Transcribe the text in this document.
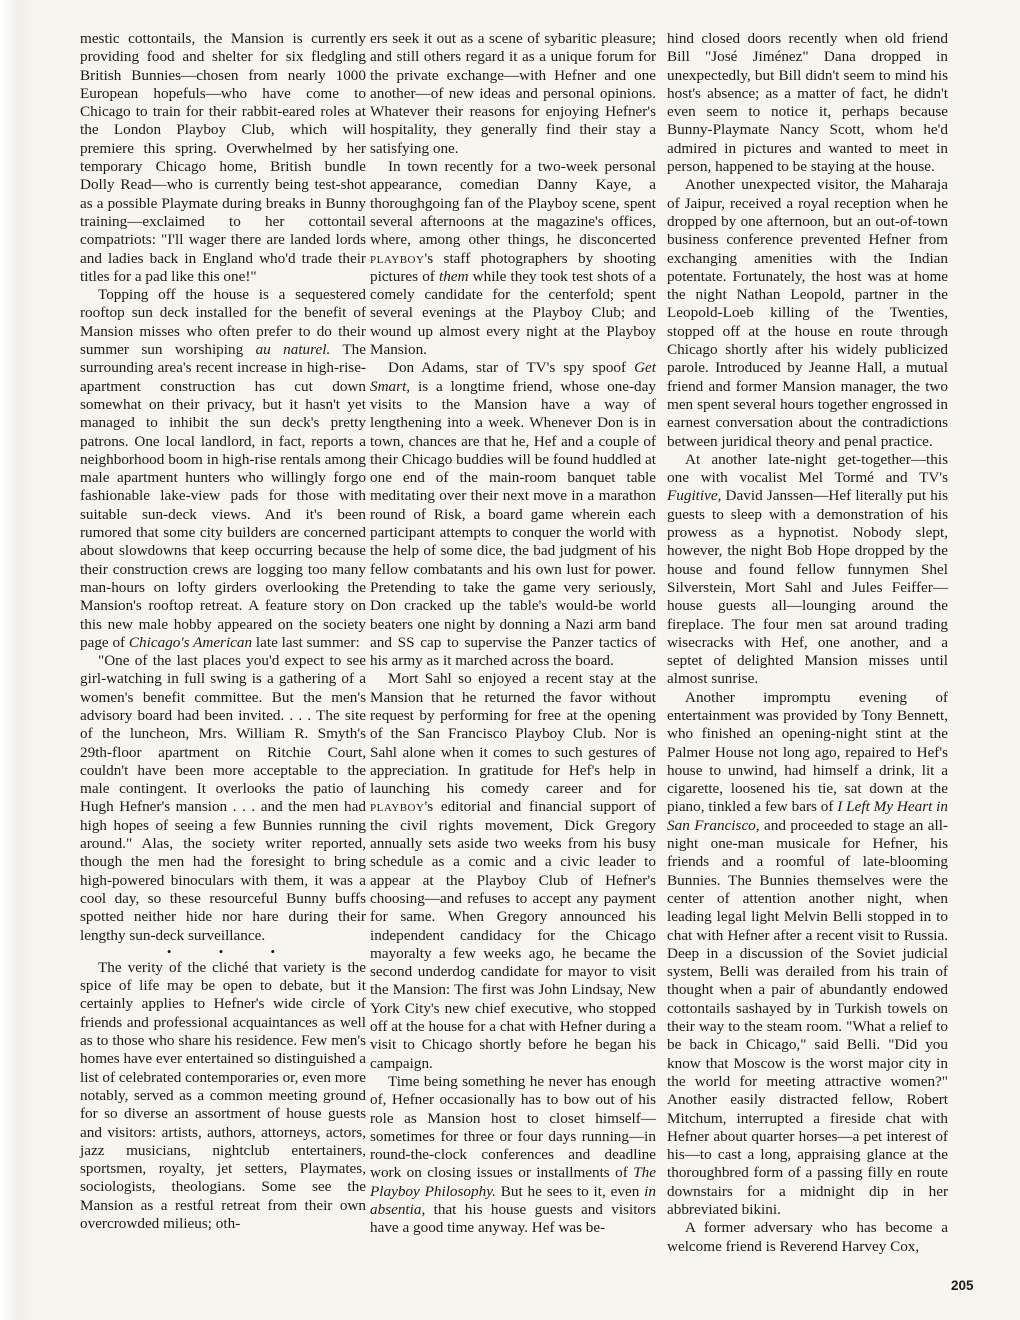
mestic cottontails, the Mansion is currently providing food and shelter for six fledgling British Bunnies—chosen from nearly 1000 European hopefuls—who have come to Chicago to train for their rabbit-eared roles at the London Playboy Club, which will premiere this spring. Overwhelmed by her temporary Chicago home, British bundle Dolly Read—who is currently being test-shot as a possible Playmate during breaks in Bunny training—exclaimed to her cottontail compatriots: "I'll wager there are landed lords and ladies back in England who'd trade their titles for a pad like this one!"

Topping off the house is a sequestered rooftop sun deck installed for the benefit of Mansion misses who often prefer to do their summer sun worshiping au naturel. The surrounding area's recent increase in high-rise-apartment construction has cut down somewhat on their privacy, but it hasn't yet managed to inhibit the sun deck's pretty patrons. One local landlord, in fact, reports a neighborhood boom in high-rise rentals among male apartment hunters who willingly forgo fashionable lake-view pads for those with suitable sun-deck views. And it's been rumored that some city builders are concerned about slowdowns that keep occurring because their construction crews are logging too many man-hours on lofty girders overlooking the Mansion's rooftop retreat. A feature story on this new male hobby appeared on the society page of Chicago's American late last summer:

"One of the last places you'd expect to see girl-watching in full swing is a gathering of a women's benefit committee. But the men's advisory board had been invited. . . . The site of the luncheon, Mrs. William R. Smyth's 29th-floor apartment on Ritchie Court, couldn't have been more acceptable to the male contingent. It overlooks the patio of Hugh Hefner's mansion . . . and the men had high hopes of seeing a few Bunnies running around." Alas, the society writer reported, though the men had the foresight to bring high-powered binoculars with them, it was a cool day, so these resourceful Bunny buffs spotted neither hide nor hare during their lengthy sun-deck surveillance.

• • •

The verity of the cliché that variety is the spice of life may be open to debate, but it certainly applies to Hefner's wide circle of friends and professional acquaintances as well as to those who share his residence. Few men's homes have ever entertained so distinguished a list of celebrated contemporaries or, even more notably, served as a common meeting ground for so diverse an assortment of house guests and visitors: artists, authors, attorneys, actors, jazz musicians, nightclub entertainers, sportsmen, royalty, jet setters, Playmates, sociologists, theologians. Some see the Mansion as a restful retreat from their own overcrowded milieus; oth-

ers seek it out as a scene of sybaritic pleasure; and still others regard it as a unique forum for the private exchange—with Hefner and one another—of new ideas and personal opinions. Whatever their reasons for enjoying Hefner's hospitality, they generally find their stay a satisfying one.

In town recently for a two-week personal appearance, comedian Danny Kaye, a thoroughgoing fan of the Playboy scene, spent several afternoons at the magazine's offices, where, among other things, he disconcerted playboy's staff photographers by shooting pictures of them while they took test shots of a comely candidate for the centerfold; spent several evenings at the Playboy Club; and wound up almost every night at the Playboy Mansion.

Don Adams, star of TV's spy spoof Get Smart, is a longtime friend, whose one-day visits to the Mansion have a way of lengthening into a week. Whenever Don is in town, chances are that he, Hef and a couple of their Chicago buddies will be found huddled at one end of the main-room banquet table meditating over their next move in a marathon round of Risk, a board game wherein each participant attempts to conquer the world with the help of some dice, the bad judgment of his fellow combatants and his own lust for power. Pretending to take the game very seriously, Don cracked up the table's would-be world beaters one night by donning a Nazi arm band and SS cap to supervise the Panzer tactics of his army as it marched across the board.

Mort Sahl so enjoyed a recent stay at the Mansion that he returned the favor without request by performing for free at the opening of the San Francisco Playboy Club. Nor is Sahl alone when it comes to such gestures of appreciation. In gratitude for Hef's help in launching his comedy career and for playboy's editorial and financial support of the civil rights movement, Dick Gregory annually sets aside two weeks from his busy schedule as a comic and a civic leader to appear at the Playboy Club of Hefner's choosing—and refuses to accept any payment for same. When Gregory announced his independent candidacy for the Chicago mayoralty a few weeks ago, he became the second underdog candidate for mayor to visit the Mansion: The first was John Lindsay, New York City's new chief executive, who stopped off at the house for a chat with Hefner during a visit to Chicago shortly before he began his campaign.

Time being something he never has enough of, Hefner occasionally has to bow out of his role as Mansion host to closet himself—sometimes for three or four days running—in round-the-clock conferences and deadline work on closing issues or installments of The Playboy Philosophy. But he sees to it, even in absentia, that his house guests and visitors have a good time anyway. Hef was be-

hind closed doors recently when old friend Bill "José Jiménez" Dana dropped in unexpectedly, but Bill didn't seem to mind his host's absence; as a matter of fact, he didn't even seem to notice it, perhaps because Bunny-Playmate Nancy Scott, whom he'd admired in pictures and wanted to meet in person, happened to be staying at the house.

Another unexpected visitor, the Maharaja of Jaipur, received a royal reception when he dropped by one afternoon, but an out-of-town business conference prevented Hefner from exchanging amenities with the Indian potentate. Fortunately, the host was at home the night Nathan Leopold, partner in the Leopold-Loeb killing of the Twenties, stopped off at the house en route through Chicago shortly after his widely publicized parole. Introduced by Jeanne Hall, a mutual friend and former Mansion manager, the two men spent several hours together engrossed in earnest conversation about the contradictions between juridical theory and penal practice.

At another late-night get-together—this one with vocalist Mel Tormé and TV's Fugitive, David Janssen—Hef literally put his guests to sleep with a demonstration of his prowess as a hypnotist. Nobody slept, however, the night Bob Hope dropped by the house and found fellow funnymen Shel Silverstein, Mort Sahl and Jules Feiffer—house guests all—lounging around the fireplace. The four men sat around trading wisecracks with Hef, one another, and a septet of delighted Mansion misses until almost sunrise.

Another impromptu evening of entertainment was provided by Tony Bennett, who finished an opening-night stint at the Palmer House not long ago, repaired to Hef's house to unwind, had himself a drink, lit a cigarette, loosened his tie, sat down at the piano, tinkled a few bars of I Left My Heart in San Francisco, and proceeded to stage an all-night one-man musicale for Hefner, his friends and a roomful of late-blooming Bunnies. The Bunnies themselves were the center of attention another night, when leading legal light Melvin Belli stopped in to chat with Hefner after a recent visit to Russia. Deep in a discussion of the Soviet judicial system, Belli was derailed from his train of thought when a pair of abundantly endowed cottontails sashayed by in Turkish towels on their way to the steam room. "What a relief to be back in Chicago," said Belli. "Did you know that Moscow is the worst major city in the world for meeting attractive women?" Another easily distracted fellow, Robert Mitchum, interrupted a fireside chat with Hefner about quarter horses—a pet interest of his—to cast a long, appraising glance at the thoroughbred form of a passing filly en route downstairs for a midnight dip in her abbreviated bikini.

A former adversary who has become a welcome friend is Reverend Harvey Cox,

205
